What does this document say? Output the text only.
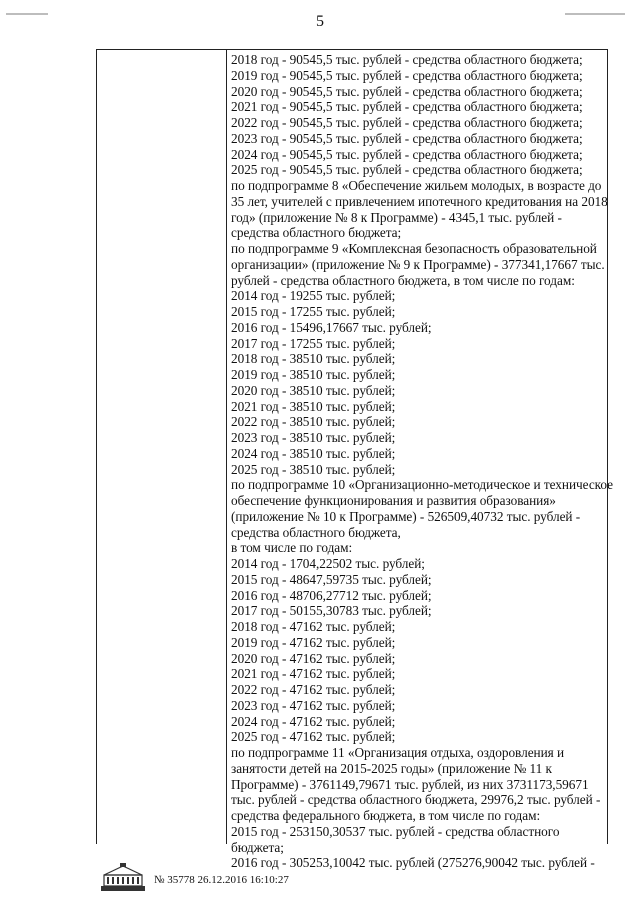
5
2018 год - 90545,5 тыс. рублей - средства областного бюджета;
2019 год - 90545,5 тыс. рублей - средства областного бюджета;
2020 год - 90545,5 тыс. рублей - средства областного бюджета;
2021 год - 90545,5 тыс. рублей - средства областного бюджета;
2022 год - 90545,5 тыс. рублей - средства областного бюджета;
2023 год - 90545,5 тыс. рублей - средства областного бюджета;
2024 год - 90545,5 тыс. рублей - средства областного бюджета;
2025 год - 90545,5 тыс. рублей - средства областного бюджета;
по подпрограмме 8 «Обеспечение жильем молодых, в возрасте до
35 лет, учителей с привлечением ипотечного кредитования на 2018
год» (приложение № 8 к Программе) - 4345,1 тыс. рублей -
средства областного бюджета;
по подпрограмме 9 «Комплексная безопасность образовательной
организации» (приложение № 9 к Программе) - 377341,17667 тыс.
рублей - средства областного бюджета, в том числе по годам:
2014 год - 19255 тыс. рублей;
2015 год - 17255 тыс. рублей;
2016 год - 15496,17667 тыс. рублей;
2017 год - 17255 тыс. рублей;
2018 год - 38510 тыс. рублей;
2019 год - 38510 тыс. рублей;
2020 год - 38510 тыс. рублей;
2021 год - 38510 тыс. рублей;
2022 год - 38510 тыс. рублей;
2023 год - 38510 тыс. рублей;
2024 год - 38510 тыс. рублей;
2025 год - 38510 тыс. рублей;
по подпрограмме 10 «Организационно-методическое и техническое
обеспечение функционирования и развития образования»
(приложение № 10 к Программе) - 526509,40732 тыс. рублей -
средства областного бюджета,
в том числе по годам:
2014 год - 1704,22502 тыс. рублей;
2015 год - 48647,59735 тыс. рублей;
2016 год - 48706,27712 тыс. рублей;
2017 год - 50155,30783 тыс. рублей;
2018 год - 47162 тыс. рублей;
2019 год - 47162 тыс. рублей;
2020 год - 47162 тыс. рублей;
2021 год - 47162 тыс. рублей;
2022 год - 47162 тыс. рублей;
2023 год - 47162 тыс. рублей;
2024 год - 47162 тыс. рублей;
2025 год - 47162 тыс. рублей;
по подпрограмме 11 «Организация отдыха, оздоровления и
занятости детей на 2015-2025 годы» (приложение № 11 к
Программе) - 3761149,79671 тыс. рублей, из них 3731173,59671
тыс. рублей - средства областного бюджета, 29976,2 тыс. рублей -
средства федерального бюджета, в том числе по годам:
2015 год - 253150,30537 тыс. рублей - средства областного
бюджета;
2016 год - 305253,10042 тыс. рублей (275276,90042 тыс. рублей -
№ 35778 26.12.2016 16:10:27
